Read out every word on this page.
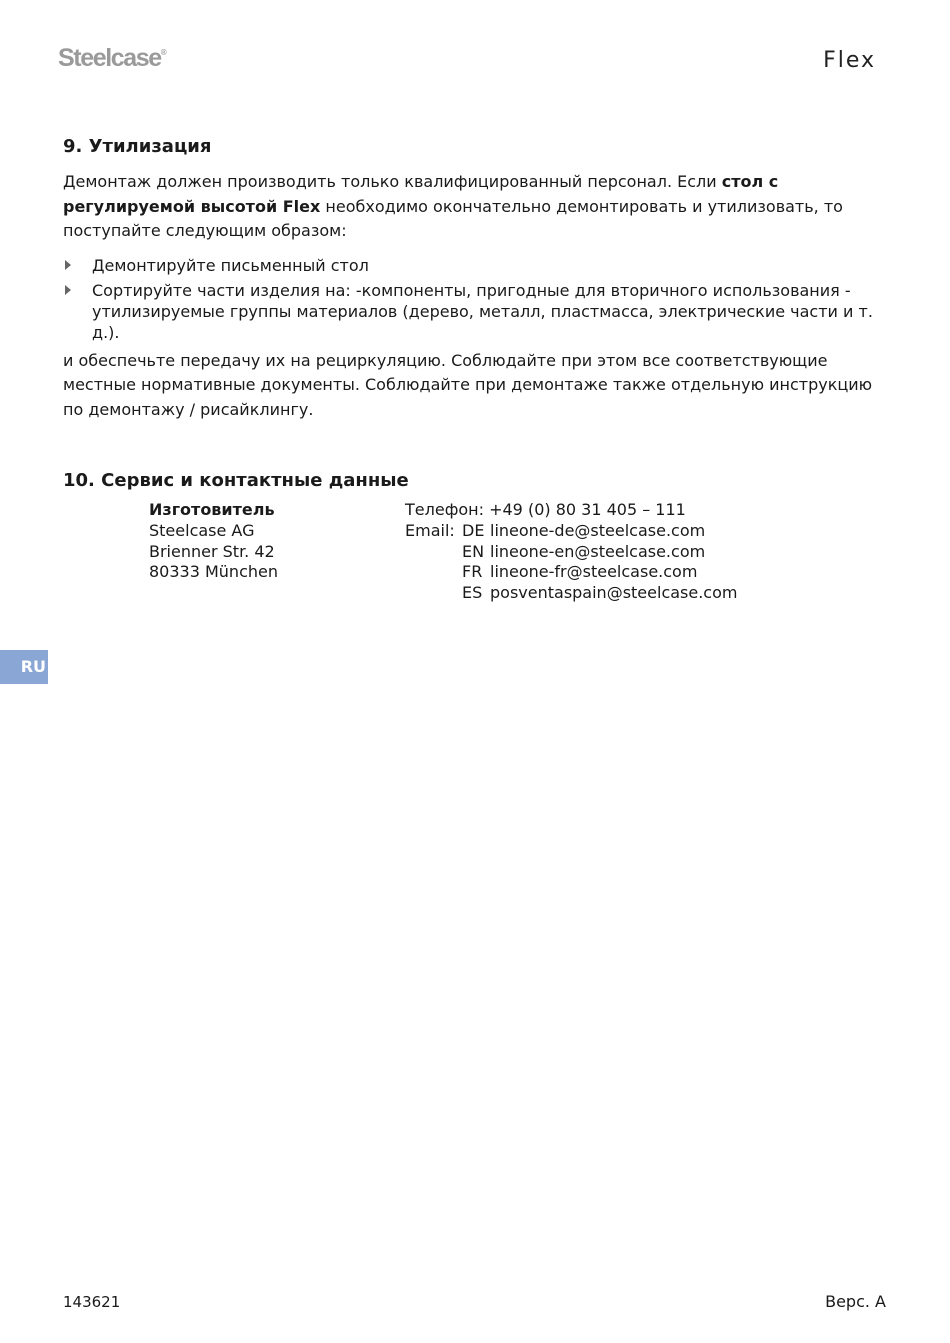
Steelcase®	Flex
9. Утилизация

Демонтаж должен производить только квалифицированный персонал. Если стол с регулируемой высотой Flex необходимо окончательно демонтировать и утилизовать, то поступайте следующим образом:

Демонтируйте письменный стол
Сортируйте части изделия на: -компоненты, пригодные для вторичного использования - утилизируемые группы материалов (дерево, металл, пластмасса, электрические части и т. д.).

и обеспечьте передачу их на рециркуляцию. Соблюдайте при этом все соответствующие местные нормативные документы. Соблюдайте при демонтаже также отдельную инструкцию по демонтажу / рисайклингу.

10. Сервис и контактные данные
Изготовитель
Steelcase AG
Brienner Str. 42
80333 München
Телефон: +49 (0) 80 31 405 – 111
Email: DE lineone-de@steelcase.com
EN lineone-en@steelcase.com
FR lineone-fr@steelcase.com
ES posventaspain@steelcase.com
RU
143621	Верс. А
